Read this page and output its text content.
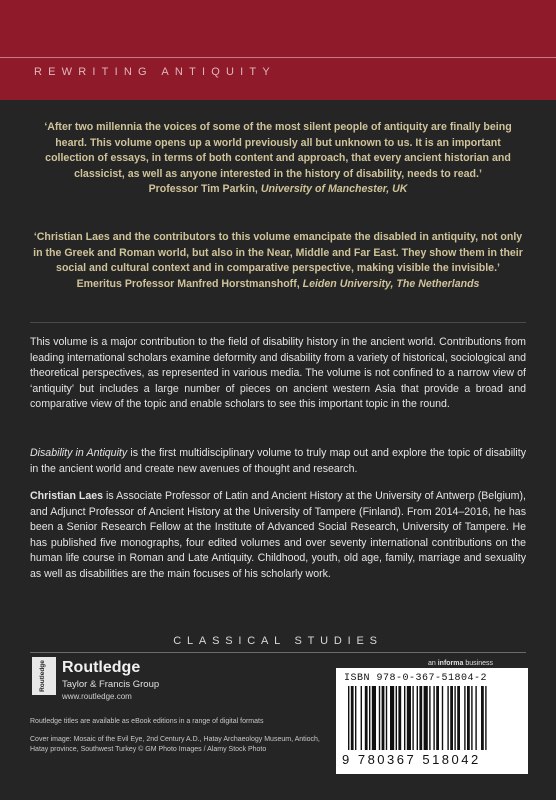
REWRITING ANTIQUITY
‘After two millennia the voices of some of the most silent people of antiquity are finally being heard. This volume opens up a world previously all but unknown to us. It is an important collection of essays, in terms of both content and approach, that every ancient historian and classicist, as well as anyone interested in the history of disability, needs to read.’
Professor Tim Parkin, University of Manchester, UK
‘Christian Laes and the contributors to this volume emancipate the disabled in antiquity, not only in the Greek and Roman world, but also in the Near, Middle and Far East. They show them in their social and cultural context and in comparative perspective, making visible the invisible.’
Emeritus Professor Manfred Horstmanshoff, Leiden University, The Netherlands

This volume is a major contribution to the field of disability history in the ancient world. Contributions from leading international scholars examine deformity and disability from a variety of historical, sociological and theoretical perspectives, as represented in various media. The volume is not confined to a narrow view of ‘antiquity’ but includes a large number of pieces on ancient western Asia that provide a broad and comparative view of the topic and enable scholars to see this important topic in the round.

Disability in Antiquity is the first multidisciplinary volume to truly map out and explore the topic of disability in the ancient world and create new avenues of thought and research.

Christian Laes is Associate Professor of Latin and Ancient History at the University of Antwerp (Belgium), and Adjunct Professor of Ancient History at the University of Tampere (Finland). From 2014–2016, he has been a Senior Research Fellow at the Institute of Advanced Social Research, University of Tampere. He has published five monographs, four edited volumes and over seventy international contributions on the human life course in Roman and Late Antiquity. Childhood, youth, old age, family, marriage and sexuality as well as disabilities are the main focuses of his scholarly work.

CLASSICAL STUDIES
Routledge Routledge
Taylor & Francis Group
www.routledge.com
an informa business
ISBN 978-0-367-51804-2
9 780367 518042
Routledge titles are available as eBook editions in a range of digital formats
Cover image: Mosaic of the Evil Eye, 2nd Century A.D., Hatay Archaeology Museum, Antioch, Hatay province, Southwest Turkey © GM Photo Images / Alamy Stock Photo
